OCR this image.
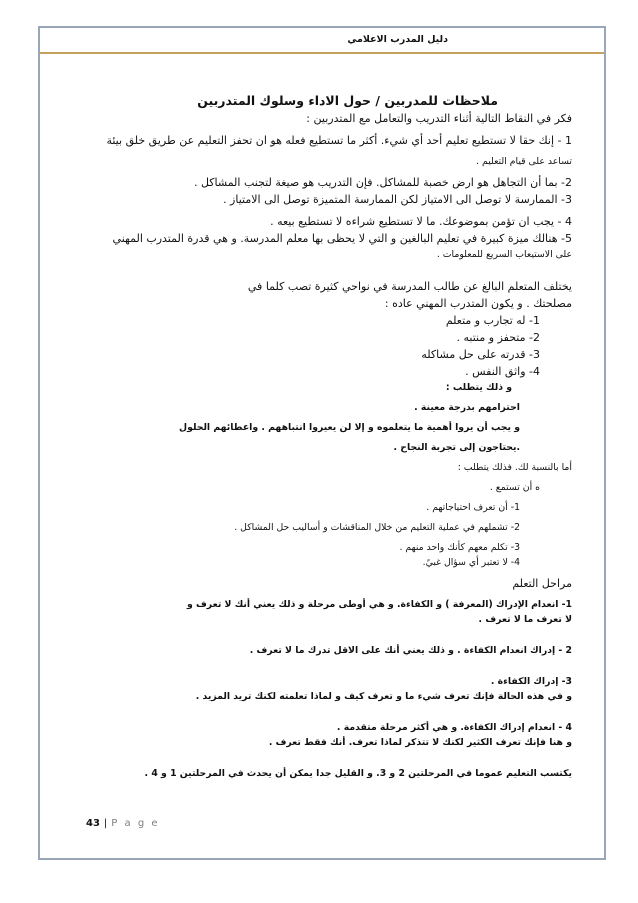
دليل المدرب الاعلامي
ملاحظات للمدربين / حول الاداء وسلوك المتدربين
فكر في النقاط التالية أثناء التدريب والتعامل مع المتدربين :
1 - إنك حقا لا تستطيع تعليم أحد أي شيء. أكثر ما تستطيع فعله هو ان تحفز التعليم عن طريق خلق بيئة
تساعد على قيام التعليم .
2- بما أن التجاهل هو ارض خصبة للمشاكل. فإن التدريب هو صيغة لتجنب المشاكل .
3- الممارسة لا توصل الى الامتياز لكن الممارسة المتميزة توصل الى الامتياز .
4 - يجب ان تؤمن بموضوعك. ما لا تستطيع شراءه لا تستطيع بيعه .
5- هنالك ميزة كبيرة في تعليم البالغين و التي لا يحظى بها معلم المدرسة. و هي قدرة المتدرب المهني
على الاستيعاب السريع للمعلومات .
يختلف المتعلم البالغ عن طالب المدرسة في نواحي كثيرة تصب كلما في
مصلحتك . و يكون المتدرب المهني عاده :
1- له تجارب و متعلم
2- متحفز و منتبه .
3- قدرته على حل مشاكله
4- واثق النفس .
و ذلك يتطلب :
احترامهم بدرجة معينة .
و يجب أن يروا أهمية ما يتعلموه و إلا لن يعيروا انتباههم . واعطائهم الحلول
.يحتاجون إلى تجربة النجاح .
أما بالنسبة لك. فذلك يتطلب :
ه أن تستمع .
1- أن تعرف احتياجاتهم .
2- تشملهم في عملية التعليم من خلال المناقشات و أساليب حل المشاكل .
3- تكلم معهم كأنك واحد منهم .
4- لا تعتبر أي سؤال غبيً.
مراحل التعلم
1- انعدام الإدراك (المعرفة ) و الكفاءة. و هي أوطى مرحلة و ذلك يعني أنك لا تعرف و
لا تعرف ما لا تعرف .
2 - إدراك انعدام الكفاءة . و ذلك يعني أنك على الاقل تدرك ما لا تعرف .
3- إدراك الكفاءة .
و في هذه الحالة فإنك تعرف شيء ما و تعرف كيف و لماذا تعلمته لكنك تريد المزيد .
4 - انعدام إدراك الكفاءة. و هي أكثر مرحلة متقدمة .
و هنا فإنك تعرف الكثير لكنك لا تتذكر لماذا تعرف. أنك فقط تعرف .
يكتسب التعليم عموما في المرحلتين 2 و 3. و القليل جدا يمكن أن يحدث في المرحلتين 1 و 4 .
43 | P a g e
